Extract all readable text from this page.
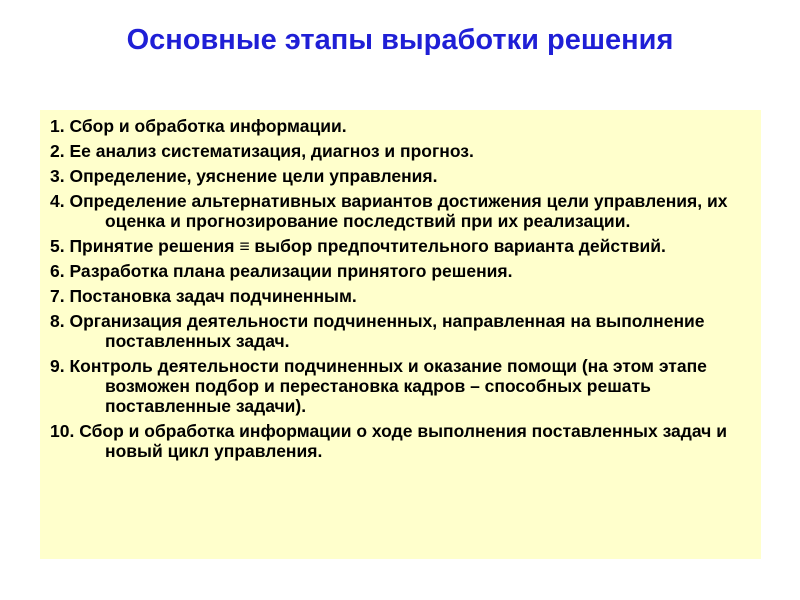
Основные этапы выработки решения
1. Сбор и обработка информации.
2. Ее анализ систематизация, диагноз и прогноз.
3. Определение, уяснение цели управления.
4. Определение альтернативных вариантов достижения цели управления, их оценка и прогнозирование последствий при их реализации.
5. Принятие решения ≡ выбор предпочтительного варианта действий.
6. Разработка плана реализации принятого решения.
7. Постановка задач подчиненным.
8. Организация деятельности подчиненных, направленная на выполнение поставленных задач.
9. Контроль деятельности подчиненных и оказание помощи (на этом этапе возможен подбор и перестановка кадров – способных решать поставленные задачи).
10. Сбор и обработка информации о ходе выполнения поставленных задач и новый цикл управления.
